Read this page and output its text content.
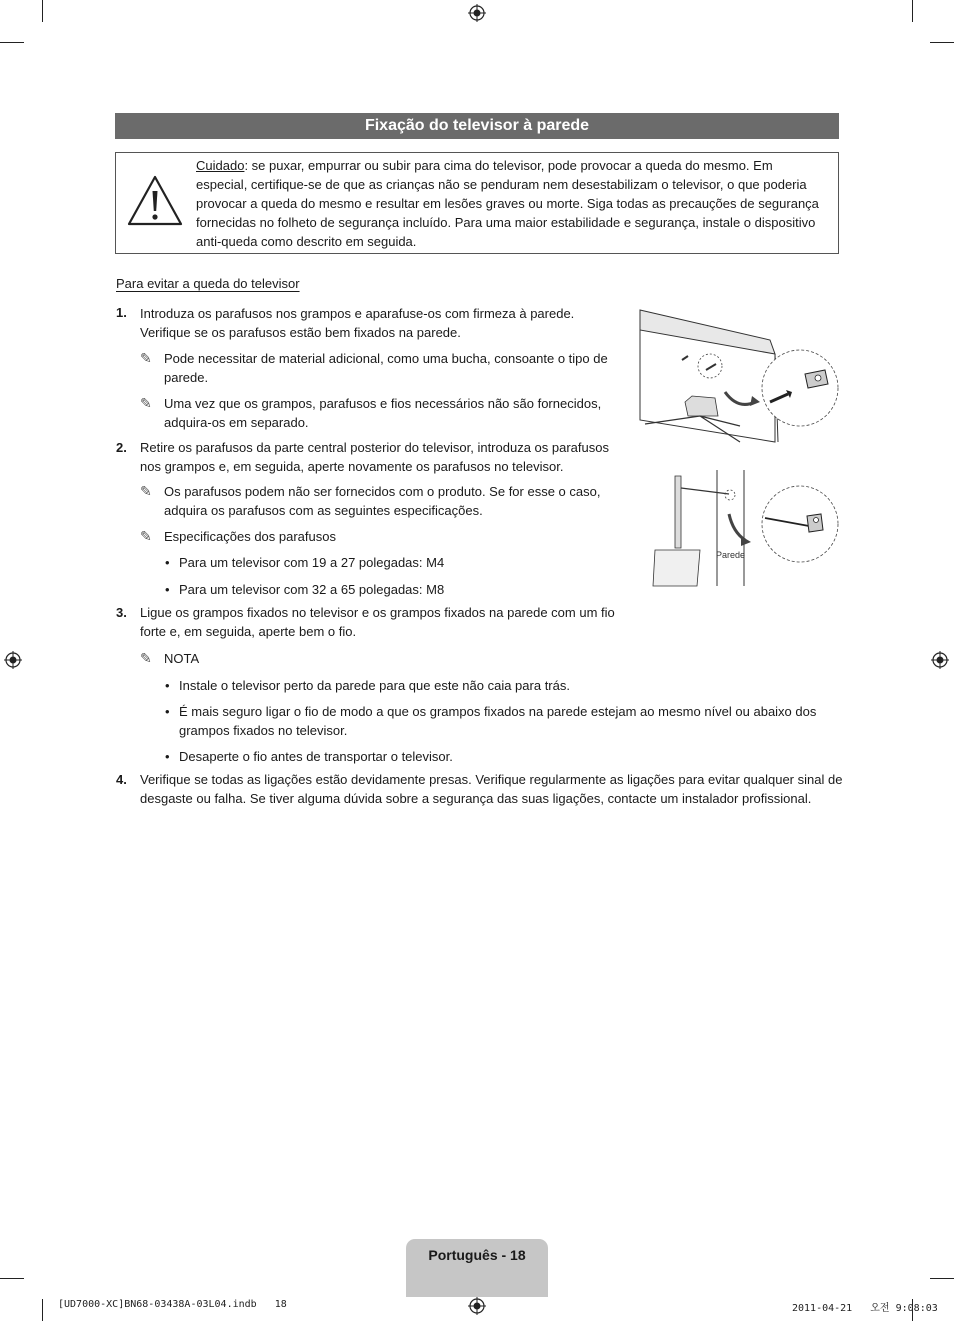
Fixação do televisor à parede
Cuidado: se puxar, empurrar ou subir para cima do televisor, pode provocar a queda do mesmo. Em especial, certifique-se de que as crianças não se penduram nem desestabilizam o televisor, o que poderia provocar a queda do mesmo e resultar em lesões graves ou morte. Siga todas as precauções de segurança fornecidas no folheto de segurança incluído. Para uma maior estabilidade e segurança, instale o dispositivo anti-queda como descrito em seguida.
Para evitar a queda do televisor
1. Introduza os parafusos nos grampos e aparafuse-os com firmeza à parede.
Verifique se os parafusos estão bem fixados na parede.
✎ Pode necessitar de material adicional, como uma bucha, consoante o tipo de
parede.
✎ Uma vez que os grampos, parafusos e fios necessários não são fornecidos,
adquira-os em separado.
2. Retire os parafusos da parte central posterior do televisor, introduza os parafusos
nos grampos e, em seguida, aperte novamente os parafusos no televisor.
✎ Os parafusos podem não ser fornecidos com o produto. Se for esse o caso,
adquira os parafusos com as seguintes especificações.
✎ Especificações dos parafusos
• Para um televisor com 19 a 27 polegadas: M4
• Para um televisor com 32 a 65 polegadas: M8
3. Ligue os grampos fixados no televisor e os grampos fixados na parede com um fio
forte e, em seguida, aperte bem o fio.
✎ NOTA
• Instale o televisor perto da parede para que este não caia para trás.
• É mais seguro ligar o fio de modo a que os grampos fixados na parede estejam ao mesmo nível ou abaixo dos
grampos fixados no televisor.
• Desaperte o fio antes de transportar o televisor.
4. Verifique se todas as ligações estão devidamente presas. Verifique regularmente as ligações para evitar qualquer sinal de
desgaste ou falha. Se tiver alguma dúvida sobre a segurança das suas ligações, contacte um instalador profissional.
Parede
Português - 18
[UD7000-XC]BN68-03438A-03L04.indb   18	2011-04-21   오전 9:08:03
